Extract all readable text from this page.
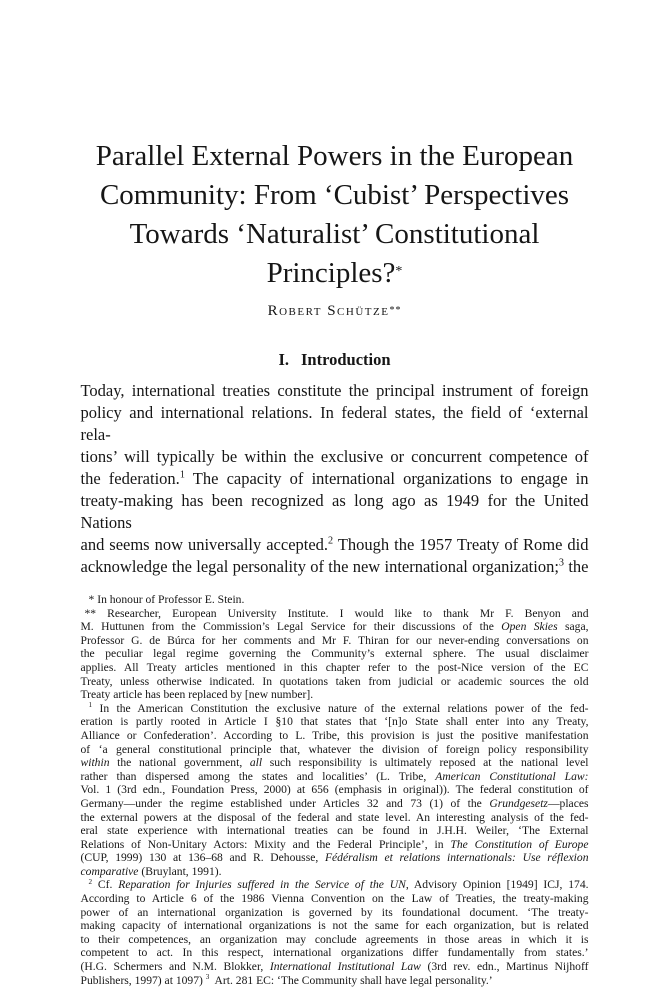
Parallel External Powers in the European
Community: From ‘Cubist’ Perspectives
Towards ‘Naturalist’ Constitutional
Principles?*
Robert Schütze**
I. Introduction
Today, international treaties constitute the principal instrument of foreign
policy and international relations. In federal states, the field of ‘external rela-
tions’ will typically be within the exclusive or concurrent competence of
the federation.$^1$ The capacity of international organizations to engage in
treaty-making has been recognized as long ago as 1949 for the United Nations
and seems now universally accepted.$^2$ Though the 1957 Treaty of Rome did
acknowledge the legal personality of the new international organization;$^3$ the
* In honour of Professor E. Stein.
** Researcher, European University Institute. I would like to thank Mr F. Benyon and
M. Huttunen from the Commission’s Legal Service for their discussions of the Open Skies saga,
Professor G. de Búrca for her comments and Mr F. Thiran for our never-ending conversations on
the peculiar legal regime governing the Community’s external sphere. The usual disclaimer
applies. All Treaty articles mentioned in this chapter refer to the post-Nice version of the EC
Treaty, unless otherwise indicated. In quotations taken from judicial or academic sources the old
Treaty article has been replaced by [new number].
$^1$ In the American Constitution the exclusive nature of the external relations power of the fed-
eration is partly rooted in Article I §10 that states that ‘[n]o State shall enter into any Treaty,
Alliance or Confederation’. According to L. Tribe, this provision is just the positive manifestation
of ‘a general constitutional principle that, whatever the division of foreign policy responsibility
within the national government, all such responsibility is ultimately reposed at the national level
rather than dispersed among the states and localities’ (L. Tribe, American Constitutional Law:
Vol. 1 (3rd edn., Foundation Press, 2000) at 656 (emphasis in original)). The federal constitution of
Germany—under the regime established under Articles 32 and 73 (1) of the Grundgesetz—places
the external powers at the disposal of the federal and state level. An interesting analysis of the fed-
eral state experience with international treaties can be found in J.H.H. Weiler, ‘The External
Relations of Non-Unitary Actors: Mixity and the Federal Principle’, in The Constitution of Europe
(CUP, 1999) 130 at 136–68 and R. Dehousse, Fédéralism et relations internationals: Use réflexion
comparative (Bruylant, 1991).
$^2$ Cf. Reparation for Injuries suffered in the Service of the UN, Advisory Opinion [1949] ICJ, 174.
According to Article 6 of the 1986 Vienna Convention on the Law of Treaties, the treaty-making
power of an international organization is governed by its foundational document. ‘The treaty-
making capacity of international organizations is not the same for each organization, but is related
to their competences, an organization may conclude agreements in those areas in which it is
competent to act. In this respect, international organizations differ fundamentally from states.’
(H.G. Schermers and N.M. Blokker, International Institutional Law (3rd rev. edn., Martinus Nijhoff
Publishers, 1997) at 1097) $^3$ Art. 281 EC: ‘The Community shall have legal personality.’
